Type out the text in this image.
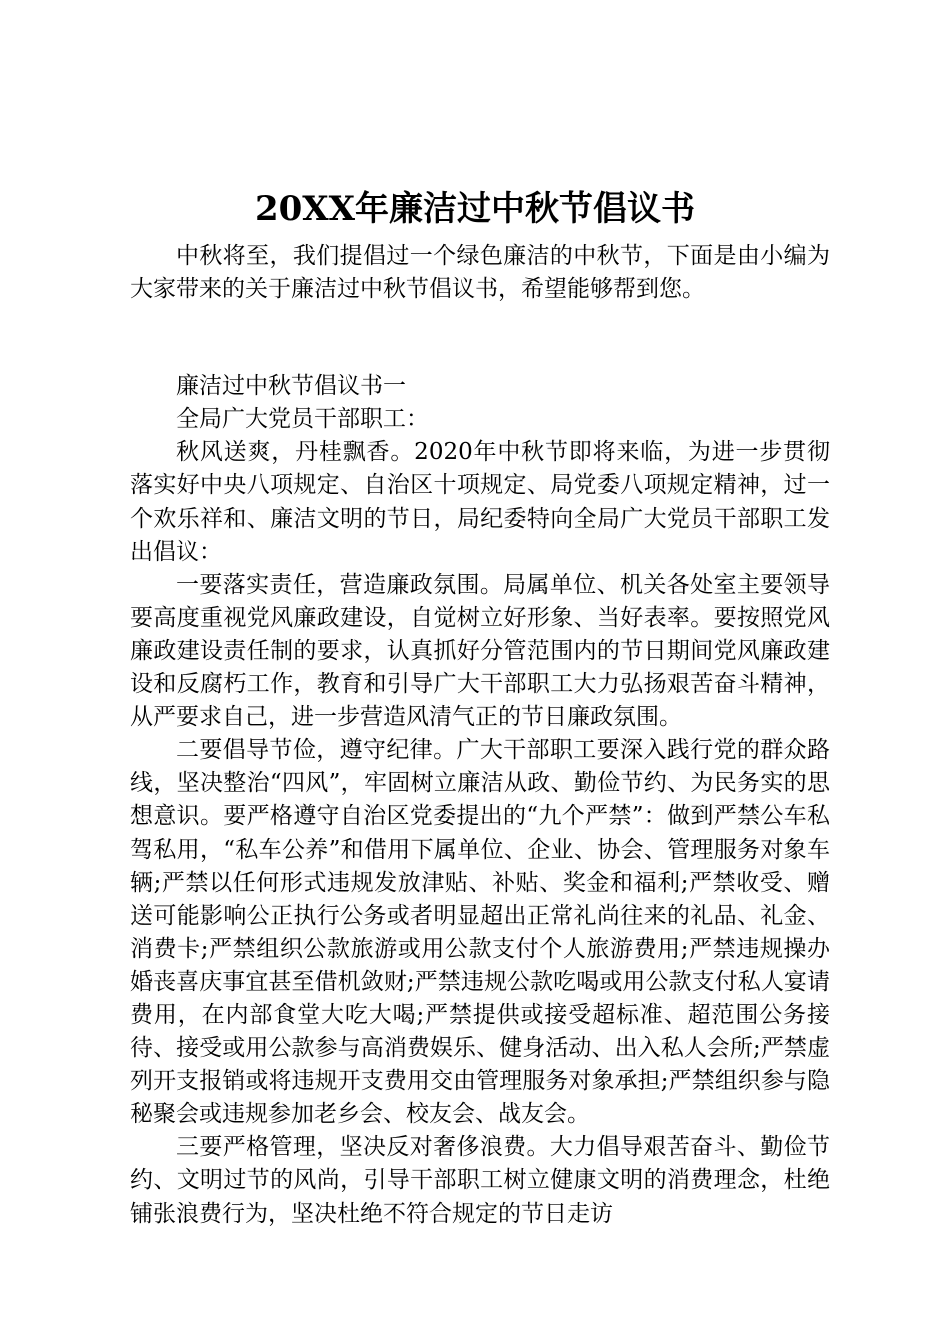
20XX年廉洁过中秋节倡议书

中秋将至，我们提倡过一个绿色廉洁的中秋节，下面是由小编为大家带来的关于廉洁过中秋节倡议书，希望能够帮到您。

廉洁过中秋节倡议书一

全局广大党员干部职工：

秋风送爽，丹桂飘香。2020年中秋节即将来临，为进一步贯彻落实好中央八项规定、自治区十项规定、局党委八项规定精神，过一个欢乐祥和、廉洁文明的节日，局纪委特向全局广大党员干部职工发出倡议：

一要落实责任，营造廉政氛围。局属单位、机关各处室主要领导要高度重视党风廉政建设，自觉树立好形象、当好表率。要按照党风廉政建设责任制的要求，认真抓好分管范围内的节日期间党风廉政建设和反腐朽工作，教育和引导广大干部职工大力弘扬艰苦奋斗精神，从严要求自己，进一步营造风清气正的节日廉政氛围。

二要倡导节俭，遵守纪律。广大干部职工要深入践行党的群众路线，坚决整治“四风”，牢固树立廉洁从政、勤俭节约、为民务实的思想意识。要严格遵守自治区党委提出的“九个严禁”：做到严禁公车私驾私用，“私车公养”和借用下属单位、企业、协会、管理服务对象车辆;严禁以任何形式违规发放津贴、补贴、奖金和福利;严禁收受、赠送可能影响公正执行公务或者明显超出正常礼尚往来的礼品、礼金、消费卡;严禁组织公款旅游或用公款支付个人旅游费用;严禁违规操办婚丧喜庆事宜甚至借机敛财;严禁违规公款吃喝或用公款支付私人宴请费用，在内部食堂大吃大喝;严禁提供或接受超标准、超范围公务接待、接受或用公款参与高消费娱乐、健身活动、出入私人会所;严禁虚列开支报销或将违规开支费用交由管理服务对象承担;严禁组织参与隐秘聚会或违规参加老乡会、校友会、战友会。

三要严格管理，坚决反对奢侈浪费。大力倡导艰苦奋斗、勤俭节约、文明过节的风尚，引导干部职工树立健康文明的消费理念，杜绝铺张浪费行为，坚决杜绝不符合规定的节日走访
